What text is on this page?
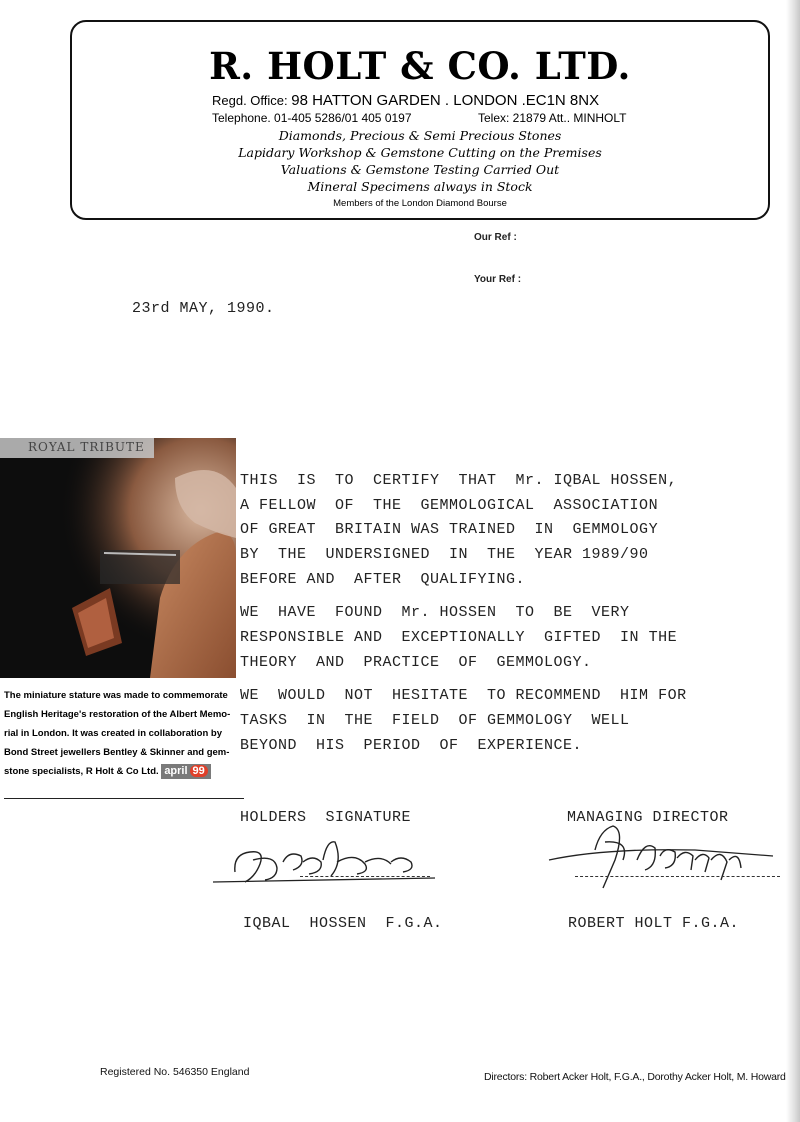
R. HOLT & CO. LTD.
Regd. Office: 98 HATTON GARDEN . LONDON .EC1N 8NX
Telephone. 01-405 5286/01 405 0197	Telex: 21879 Att.. MINHOLT
Diamonds, Precious & Semi Precious Stones
Lapidary Workshop & Gemstone Cutting on the Premises
Valuations & Gemstone Testing Carried Out
Mineral Specimens always in Stock
Members of the London Diamond Bourse
Our Ref :
Your Ref :
23rd MAY, 1990.
THIS  IS  TO  CERTIFY  THAT  Mr. IQBAL HOSSEN,
A FELLOW  OF  THE  GEMMOLOGICAL  ASSOCIATION
OF GREAT  BRITAIN WAS TRAINED  IN  GEMMOLOGY
BY  THE  UNDERSIGNED  IN  THE  YEAR 1989/90
BEFORE AND  AFTER  QUALIFYING.
WE  HAVE  FOUND  Mr. HOSSEN  TO  BE  VERY
RESPONSIBLE AND  EXCEPTIONALLY  GIFTED  IN THE
THEORY  AND  PRACTICE  OF  GEMMOLOGY.
WE  WOULD  NOT  HESITATE  TO RECOMMEND  HIM FOR
TASKS  IN  THE  FIELD  OF GEMMOLOGY  WELL
BEYOND  HIS  PERIOD  OF  EXPERIENCE.
ROYAL TRIBUTE
The miniature stature was made to commemorate
English Heritage's restoration of the Albert Memo-
rial in London. It was created in collaboration by
Bond Street jewellers Bentley & Skinner and gem-
stone specialists, R Holt & Co Ltd. april 99
HOLDERS  SIGNATURE	MANAGING DIRECTOR
IQBAL  HOSSEN  F.G.A.	ROBERT HOLT F.G.A.
Registered No. 546350 England	Directors: Robert Acker Holt, F.G.A., Dorothy Acker Holt, M. Howard
